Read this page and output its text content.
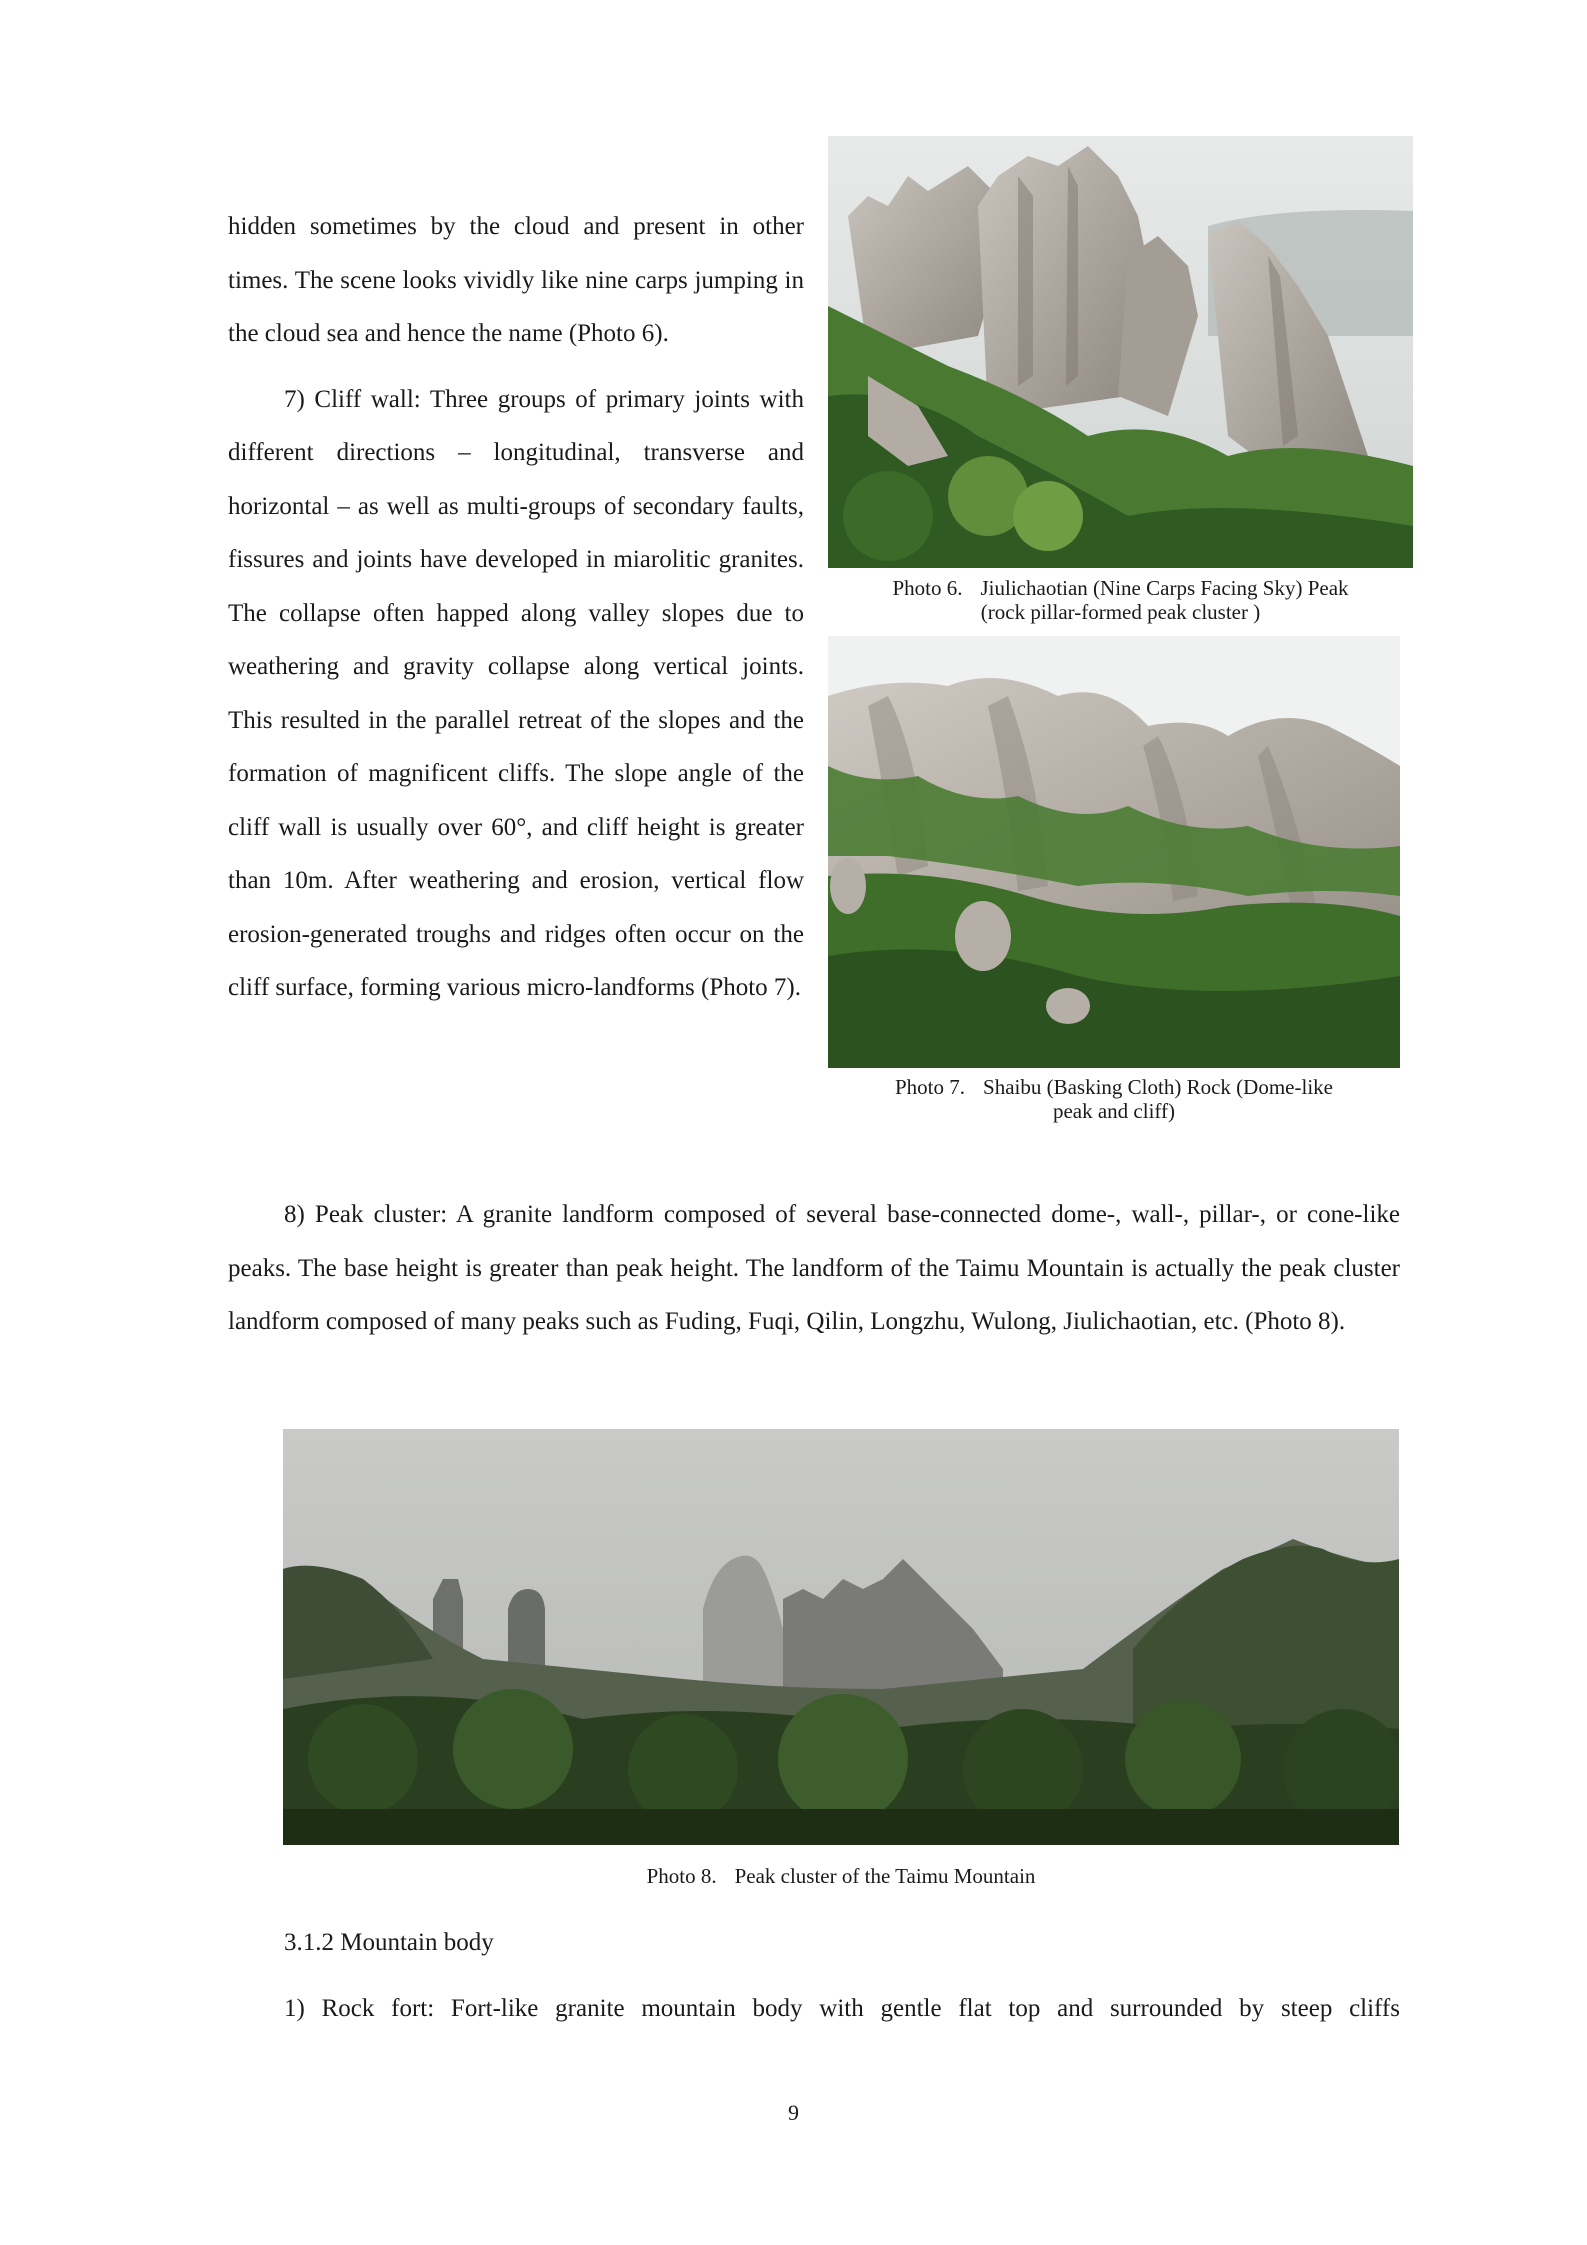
hidden sometimes by the cloud and present in other times. The scene looks vividly like nine carps jumping in the cloud sea and hence the name (Photo 6).

7) Cliff wall: Three groups of primary joints with different directions – longitudinal, transverse and horizontal – as well as multi-groups of secondary faults, fissures and joints have developed in miarolitic granites. The collapse often happed along valley slopes due to weathering and gravity collapse along vertical joints. This resulted in the parallel retreat of the slopes and the formation of magnificent cliffs. The slope angle of the cliff wall is usually over 60°, and cliff height is greater than 10m. After weathering and erosion, vertical flow erosion-generated troughs and ridges often occur on the cliff surface, forming various micro-landforms (Photo 7).

Photo 6. Jiulichaotian (Nine Carps Facing Sky) Peak
(rock pillar-formed peak cluster )
Photo 7. Shaibu (Basking Cloth) Rock (Dome-like
peak and cliff)

8) Peak cluster: A granite landform composed of several base-connected dome-, wall-, pillar-, or cone-like peaks. The base height is greater than peak height. The landform of the Taimu Mountain is actually the peak cluster landform composed of many peaks such as Fuding, Fuqi, Qilin, Longzhu, Wulong, Jiulichaotian, etc. (Photo 8).

Photo 8. Peak cluster of the Taimu Mountain

3.1.2 Mountain body

1) Rock fort: Fort-like granite mountain body with gentle flat top and surrounded by steep cliffs

9
